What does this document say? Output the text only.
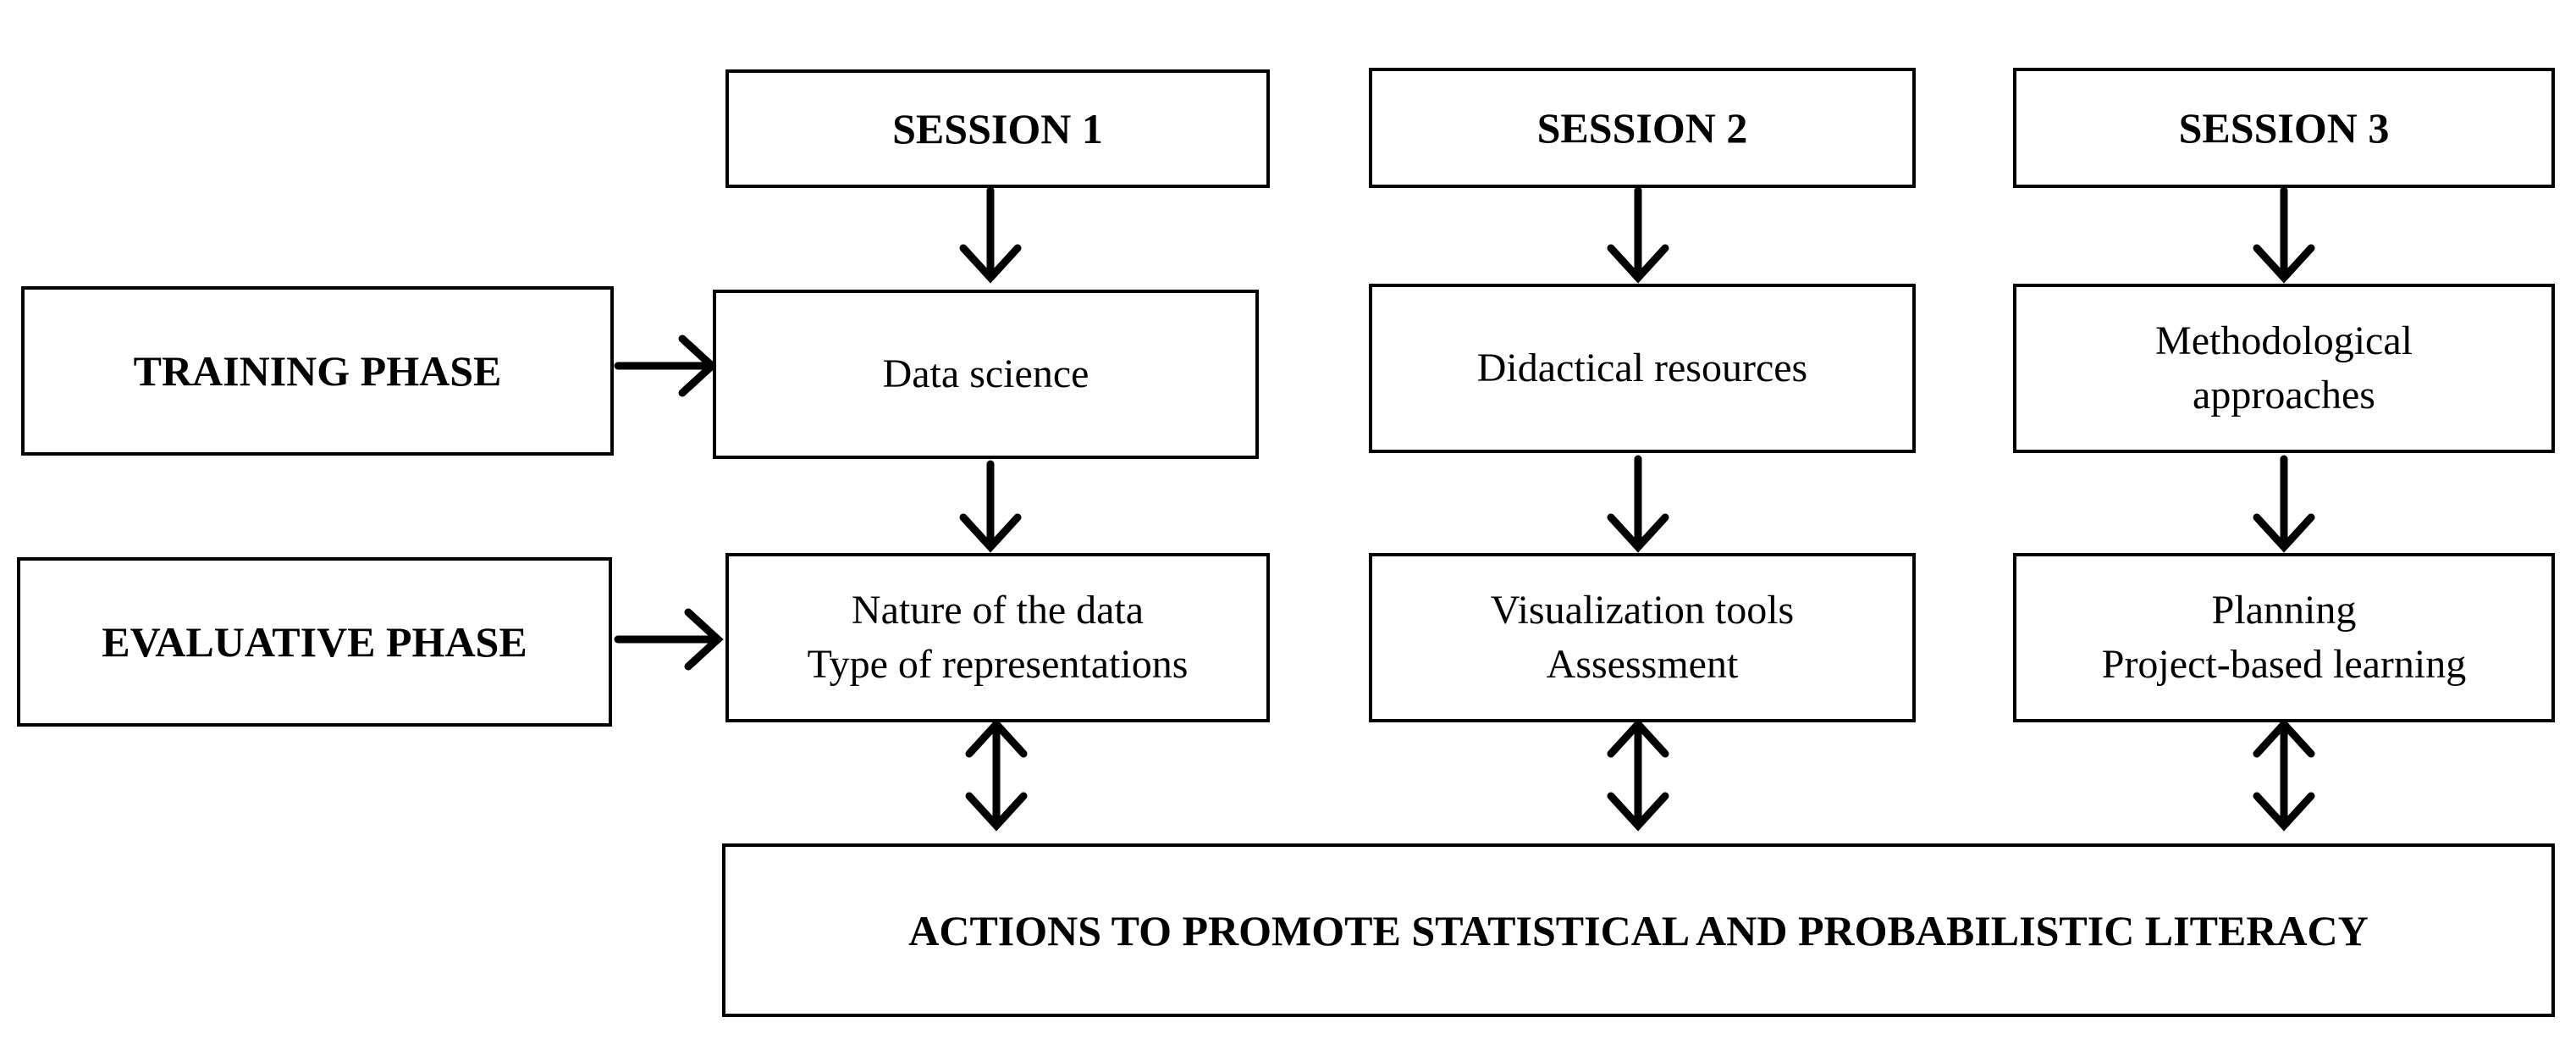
SESSION 1	SESSION 2	SESSION 3
TRAINING PHASE
EVALUATIVE PHASE
Data science	Didactical resources
Methodological
approaches
Nature of the data
Type of representations
Visualization tools
Assessment
Planning
Project-based learning
ACTIONS TO PROMOTE STATISTICAL AND PROBABILISTIC LITERACY
